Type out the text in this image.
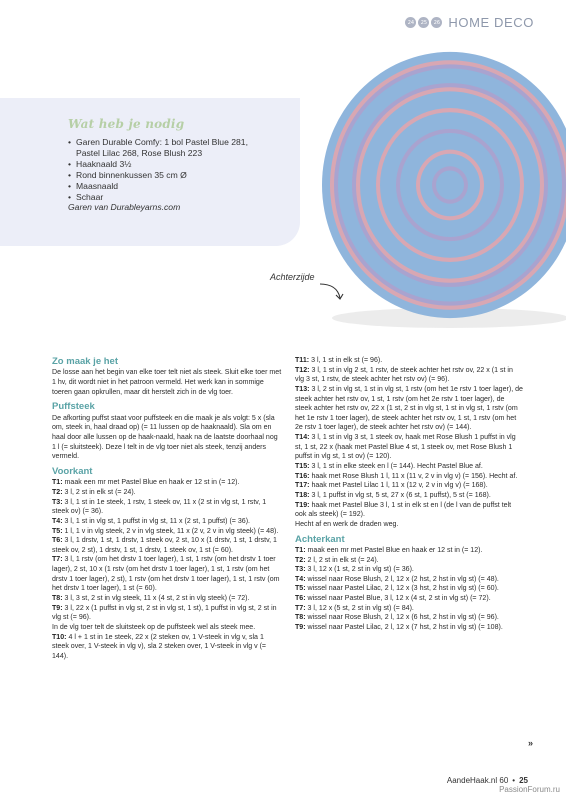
24	25	26 HOME DECO
Wat heb je nodig
• Garen Durable Comfy: 1 bol Pastel Blue 281,
Pastel Lilac 268, Rose Blush 223
• Haaknaald 3½
• Rond binnenkussen 35 cm Ø
• Maasnaald
• Schaar
Garen van Durableyarns.com
Achterzijde
Zo maak je het

De losse aan het begin van elke toer telt niet als steek. Sluit elke toer met 1 hv, dit wordt niet in het patroon vermeld. Het werk kan in sommige toeren gaan opkrullen, maar dit herstelt zich in de vlg toer.

Puffsteek

De afkorting puffst staat voor puffsteek en die maak je als volgt: 5 x (sla om, steek in, haal draad op) (= 11 lussen op de haaknaald). Sla om en haal door alle lussen op de haak-naald, haak na de laatste doorhaal nog 1 l (= sluitsteek). Deze l telt in de vlg toer niet als steek, tenzij anders vermeld.

Voorkant

T1: maak een mr met Pastel Blue en haak er 12 st in (= 12).

T2: 3 l, 2 st in elk st (= 24).

T3: 3 l, 1 st in 1e steek, 1 rstv, 1 steek ov, 11 x (2 st in vlg st, 1 rstv, 1 steek ov) (= 36).

T4: 3 l, 1 st in vlg st, 1 puffst in vlg st, 11 x (2 st, 1 puffst) (= 36).

T5: 1 l, 1 v in vlg steek, 2 v in vlg steek, 11 x (2 v, 2 v in vlg steek) (= 48).

T6: 3 l, 1 drstv, 1 st, 1 drstv, 1 steek ov, 2 st, 10 x (1 drstv, 1 st, 1 drstv, 1 steek ov, 2 st), 1 drstv, 1 st, 1 drstv, 1 steek ov, 1 st (= 60).

T7: 3 l, 1 rstv (om het drstv 1 toer lager), 1 st, 1 rstv (om het drstv 1 toer lager), 2 st, 10 x (1 rstv (om het drstv 1 toer lager), 1 st, 1 rstv (om het drstv 1 toer lager), 2 st), 1 rstv (om het drstv 1 toer lager), 1 st, 1 rstv (om het drstv 1 toer lager), 1 st (= 60).

T8: 3 l, 3 st, 2 st in vlg steek, 11 x (4 st, 2 st in vlg steek) (= 72).

T9: 3 l, 22 x (1 puffst in vlg st, 2 st in vlg st, 1 st), 1 puffst in vlg st, 2 st in vlg st (= 96).

In de vlg toer telt de sluitsteek op de puffsteek wel als steek mee.

T10: 4 l + 1 st in 1e steek, 22 x (2 steken ov, 1 V-steek in vlg v, sla 1 steek over, 1 V-steek in vlg v), sla 2 steken over, 1 V-steek in vlg v (= 144).

T11: 3 l, 1 st in elk st (= 96).

T12: 3 l, 1 st in vlg 2 st, 1 rstv, de steek achter het rstv ov, 22 x (1 st in vlg 3 st, 1 rstv, de steek achter het rstv ov) (= 96).

T13: 3 l, 2 st in vlg st, 1 st in vlg st, 1 rstv (om het 1e rstv 1 toer lager), de steek achter het rstv ov, 1 st, 1 rstv (om het 2e rstv 1 toer lager), de steek achter het rstv ov, 22 x (1 st, 2 st in vlg st, 1 st in vlg st, 1 rstv (om het 1e rstv 1 toer lager), de steek achter het rstv ov, 1 st, 1 rstv (om het 2e rstv 1 toer lager), de steek achter het rstv ov) (= 144).

T14: 3 l, 1 st in vlg 3 st, 1 steek ov, haak met Rose Blush 1 puffst in vlg st, 1 st, 22 x (haak met Pastel Blue 4 st, 1 steek ov, met Rose Blush 1 puffst in vlg st, 1 st ov) (= 120).

T15: 3 l, 1 st in elke steek en l (= 144). Hecht Pastel Blue af.

T16: haak met Rose Blush 1 l, 11 x (11 v, 2 v in vlg v) (= 156). Hecht af.

T17: haak met Pastel Lilac 1 l, 11 x (12 v, 2 v in vlg v) (= 168).

T18: 3 l, 1 puffst in vlg st, 5 st, 27 x (6 st, 1 puffst), 5 st (= 168).

T19: haak met Pastel Blue 3 l, 1 st in elk st en l (de l van de puffst telt ook als steek) (= 192).

Hecht af en werk de draden weg.

Achterkant

T1: maak een mr met Pastel Blue en haak er 12 st in (= 12).

T2: 2 l, 2 st in elk st (= 24).

T3: 3 l, 12 x (1 st, 2 st in vlg st) (= 36).

T4: wissel naar Rose Blush, 2 l, 12 x (2 hst, 2 hst in vlg st) (= 48).

T5: wissel naar Pastel Lilac, 2 l, 12 x (3 hst, 2 hst in vlg st) (= 60).

T6: wissel naar Pastel Blue, 3 l, 12 x (4 st, 2 st in vlg st) (= 72).

T7: 3 l, 12 x (5 st, 2 st in vlg st) (= 84).

T8: wissel naar Rose Blush, 2 l, 12 x (6 hst, 2 hst in vlg st) (= 96).

T9: wissel naar Pastel Lilac, 2 l, 12 x (7 hst, 2 hst in vlg st) (= 108).

»
AandeHaak.nl 60 • 25
PassionForum.ru
